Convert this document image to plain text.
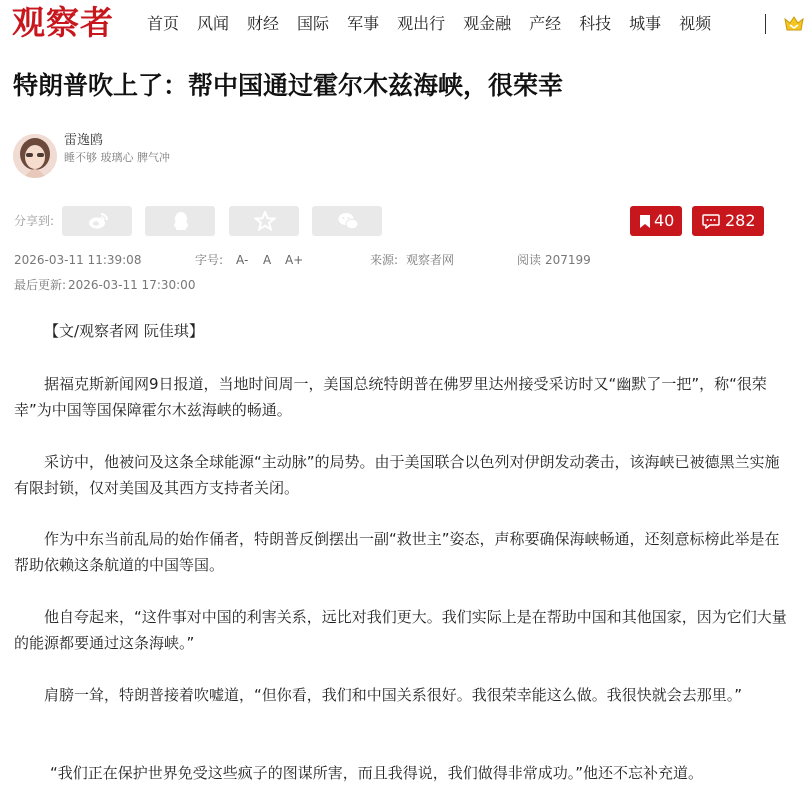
观察者 首页 风闻 财经 国际 军事 观出行 观金融 产经 科技 城事 视频
特朗普吹上了：帮中国通过霍尔木兹海峡，很荣幸
雷逸鸥
睡不够 玻璃心 脾气冲
分享到:	40	282
2026-03-11 11:39:08	字号: A- A A+	来源: 观察者网	阅读 207199
最后更新: 2026-03-11 17:30:00
【文/观察者网 阮佳琪】
据福克斯新闻网9日报道，当地时间周一，美国总统特朗普在佛罗里达州接受采访时又“幽默了一把”，称“很荣幸”为中国等国保障霍尔木兹海峡的畅通。
采访中，他被问及这条全球能源“主动脉”的局势。由于美国联合以色列对伊朗发动袭击，该海峡已被德黑兰实施有限封锁，仅对美国及其西方支持者关闭。
作为中东当前乱局的始作俑者，特朗普反倒摆出一副“救世主”姿态，声称要确保海峡畅通，还刻意标榜此举是在帮助依赖这条航道的中国等国。
他自夸起来，“这件事对中国的利害关系，远比对我们更大。我们实际上是在帮助中国和其他国家，因为它们大量的能源都要通过这条海峡。”
肩膀一耸，特朗普接着吹嘘道，“但你看，我们和中国关系很好。我很荣幸能这么做。我很快就会去那里。”
“我们正在保护世界免受这些疯子的图谋所害，而且我得说，我们做得非常成功。”他还不忘补充道。
